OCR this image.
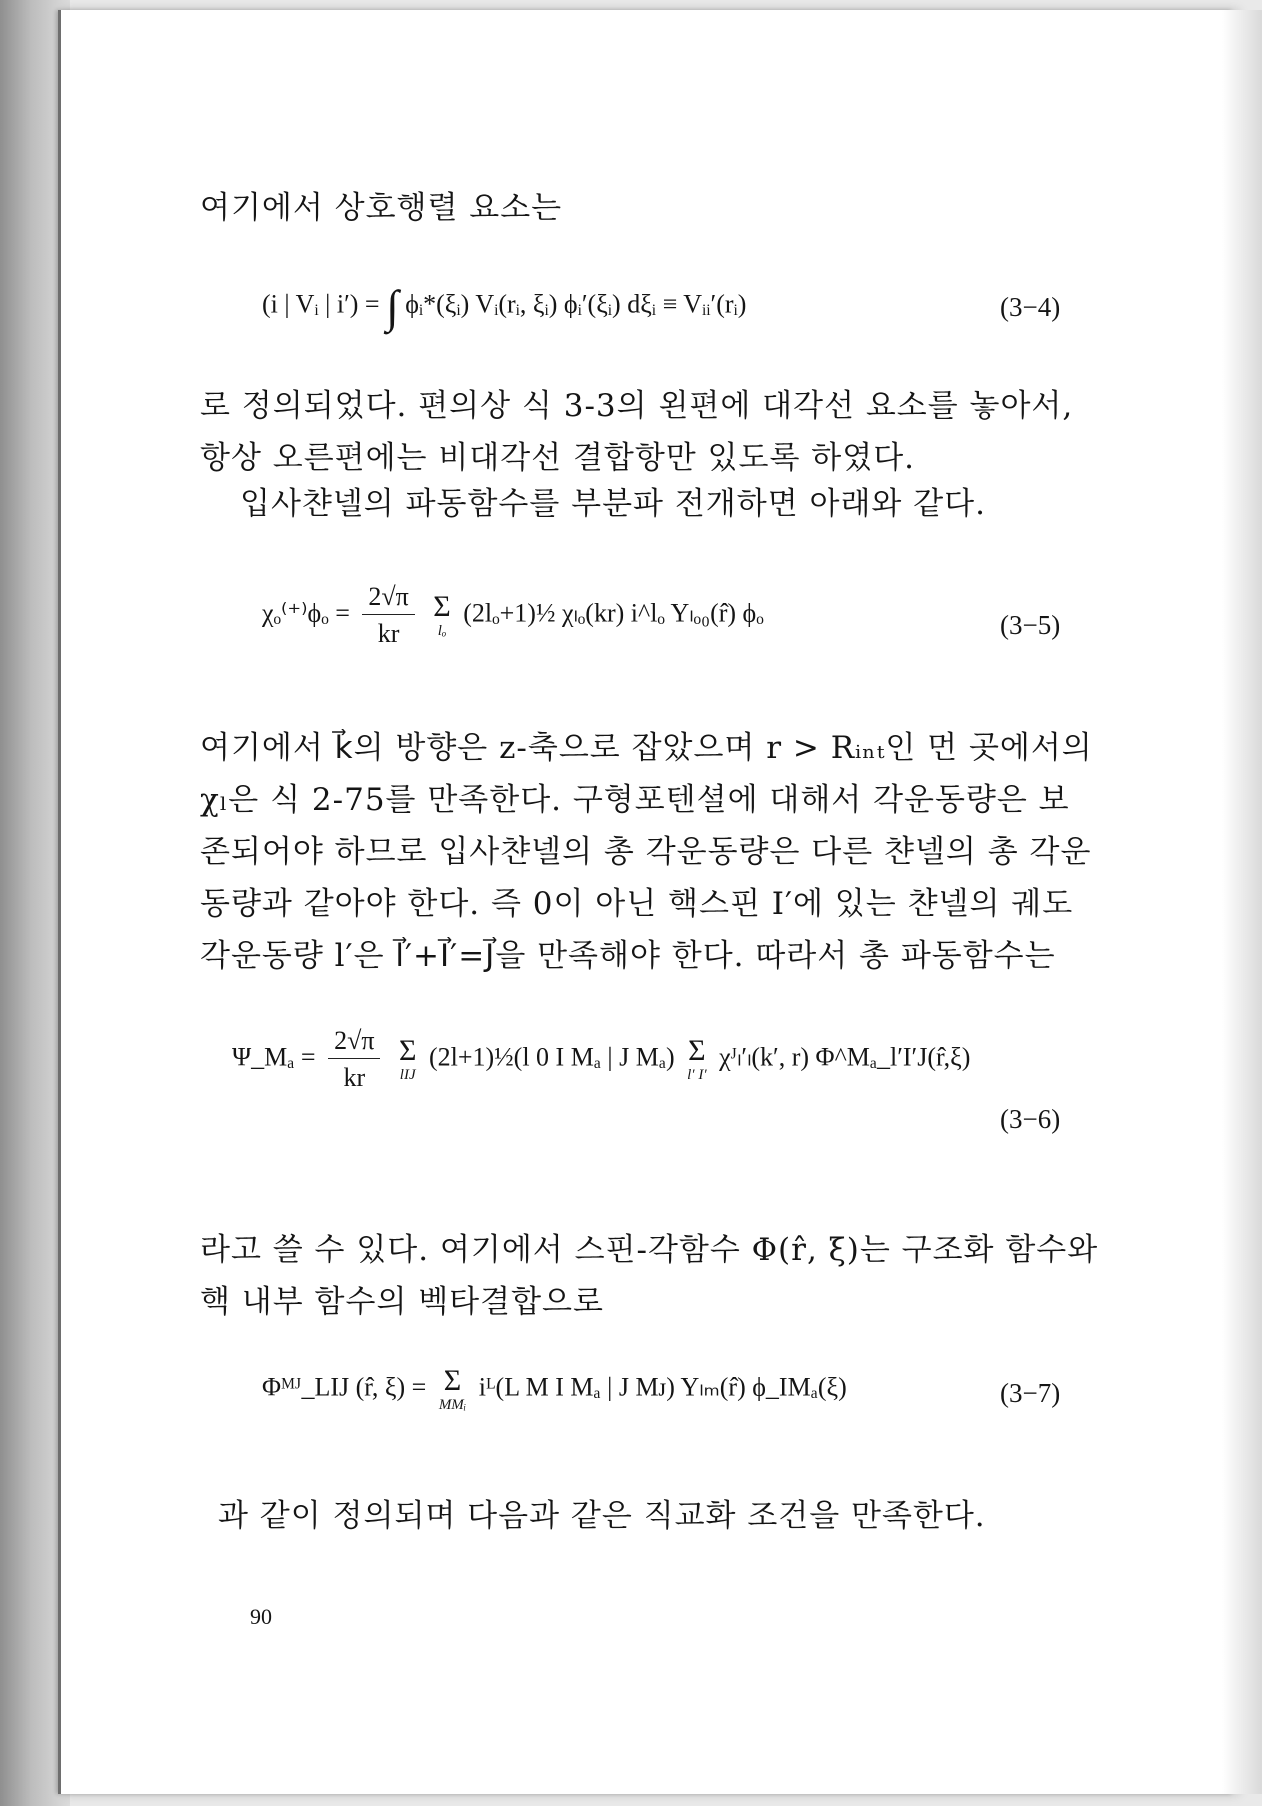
여기에서 상호행렬 요소는
(i | Vᵢ | i′) = ∫ ϕᵢ*(ξᵢ) Vᵢ(rᵢ, ξᵢ) ϕᵢ′(ξᵢ) dξᵢ ≡ Vᵢᵢ′(rᵢ)	(3−4)
로 정의되었다. 편의상 식 3-3의 왼편에 대각선 요소를 놓아서, 항상 오른편에는 비대각선 결합항만 있도록 하였다.
입사챤넬의 파동함수를 부분파 전개하면 아래와 같다.
$\chi_o^{(+)}\phi_o = \frac{2√\pi}{kr}$
Σ
lₒ
(2lₒ+1)½ χₗₒ(kr) i^lₒ Yₗₒ₀(r̂) ϕₒ	(3−5)
여기에서 k⃗의 방향은 z-축으로 잡았으며 r > Rᵢₙₜ인 먼 곳에서의 χₗ은 식 2-75를 만족한다. 구형포텐셜에 대해서 각운동량은 보존되어야 하므로 입사챤넬의 총 각운동량은 다른 챤넬의 총 각운동량과 같아야 한다. 즉 0이 아닌 핵스핀 I′에 있는 챤넬의 궤도각운동량 l′은 l⃗′+I⃗′=J⃗을 만족해야 한다. 따라서 총 파동함수는
Ψ_Mₐ = $\frac{2√\pi}{kr}$
Σ
lIJ
(2l+1)½(l 0 I Mₐ | J Mₐ) Σ
l′ I′
χᴶₗ′ₗ(k′, r) Φ^Mₐ_l′I′J(r̂,ξ)
(3−6)
라고 쓸 수 있다. 여기에서 스핀-각함수 Φ(r̂, ξ)는 구조화 함수와 핵 내부 함수의 벡타결합으로
Φᴹᴶ_LIJ (r̂, ξ) = Σ
MMᵢ
iᴸ(L M I Mₐ | J Mᴊ) Yₗₘ(r̂) ϕ_IMₐ(ξ)	(3−7)
과 같이 정의되며 다음과 같은 직교화 조건을 만족한다.
90
